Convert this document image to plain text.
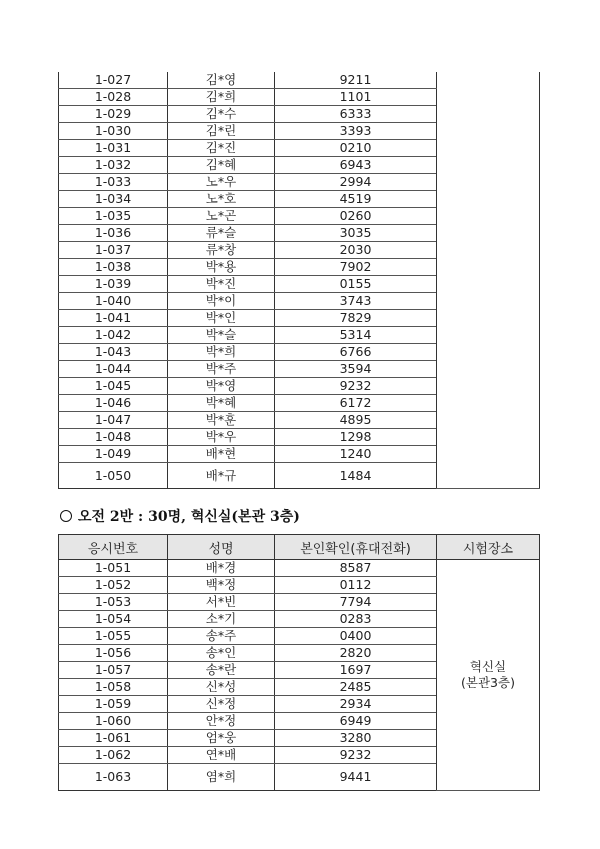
1-027	김*영	9211	
1-028	김*희	1101	
1-029	김*수	6333	
1-030	김*린	3393	
1-031	김*진	0210	
1-032	김*혜	6943	
1-033	노*우	2994	
1-034	노*호	4519	
1-035	노*곤	0260	
1-036	류*슬	3035	
1-037	류*창	2030	
1-038	박*용	7902	
1-039	박*진	0155	
1-040	박*이	3743	
1-041	박*인	7829	
1-042	박*슬	5314	
1-043	박*희	6766	
1-044	박*주	3594	
1-045	박*영	9232	
1-046	박*혜	6172	
1-047	박*훈	4895	
1-048	박*우	1298	
1-049	배*현	1240	
1-050	배*규	1484	
오전 2반 : 30명, 혁신실(본관 3층)
응시번호	성명	본인확인(휴대전화)	시험장소
1-051	배*경	8587	혁신실
(본관3층)

1-052	백*정	0112	
1-053	서*빈	7794	
1-054	소*기	0283	
1-055	송*주	0400	
1-056	송*인	2820	
1-057	송*란	1697	
1-058	신*성	2485	
1-059	신*정	2934	
1-060	안*정	6949	
1-061	엄*웅	3280	
1-062	연*배	9232	
1-063	염*희	9441	
